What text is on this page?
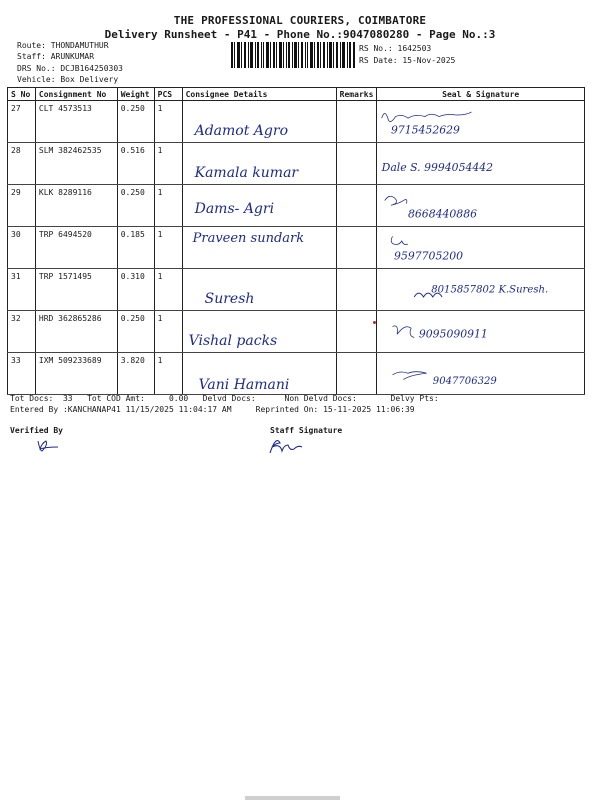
THE PROFESSIONAL COURIERS, COIMBATORE
Delivery Runsheet - P41 - Phone No.:9047080280 - Page No.:3
Route: THONDAMUTHUR
Staff: ARUNKUMAR
DRS No.: DCJB164250303
Vehicle: Box Delivery
RS No.: 1642503
RS Date: 15-Nov-2025
S No	Consignment No	Weight	PCS	Consignee Details	Remarks	Seal & Signature
27	CLT 4573513	0.250	1	Adamot Agro		9715452629

28	SLM 382462535	0.516	1	Kamala kumar		Dale S. 9994054442

29	KLK 8289116	0.250	1	Dams- Agri		8668440886

30	TRP 6494520	0.185	1	Praveen sundark		9597705200

31	TRP 1571495	0.310	1	Suresh		8015857802 K.Suresh.

32	HRD 362865286	0.250	1	Vishal packs		9095090911

33	IXM 509233689	3.820	1	Vani Hamani		9047706329
Tot Docs:  33   Tot COD Amt:     0.00   Delvd Docs:      Non Delvd Docs:       Delvy Pts:
Entered By :KANCHANAP41 11/15/2025 11:04:17 AM     Reprinted On: 15-11-2025 11:06:39
Verified By	Staff Signature
